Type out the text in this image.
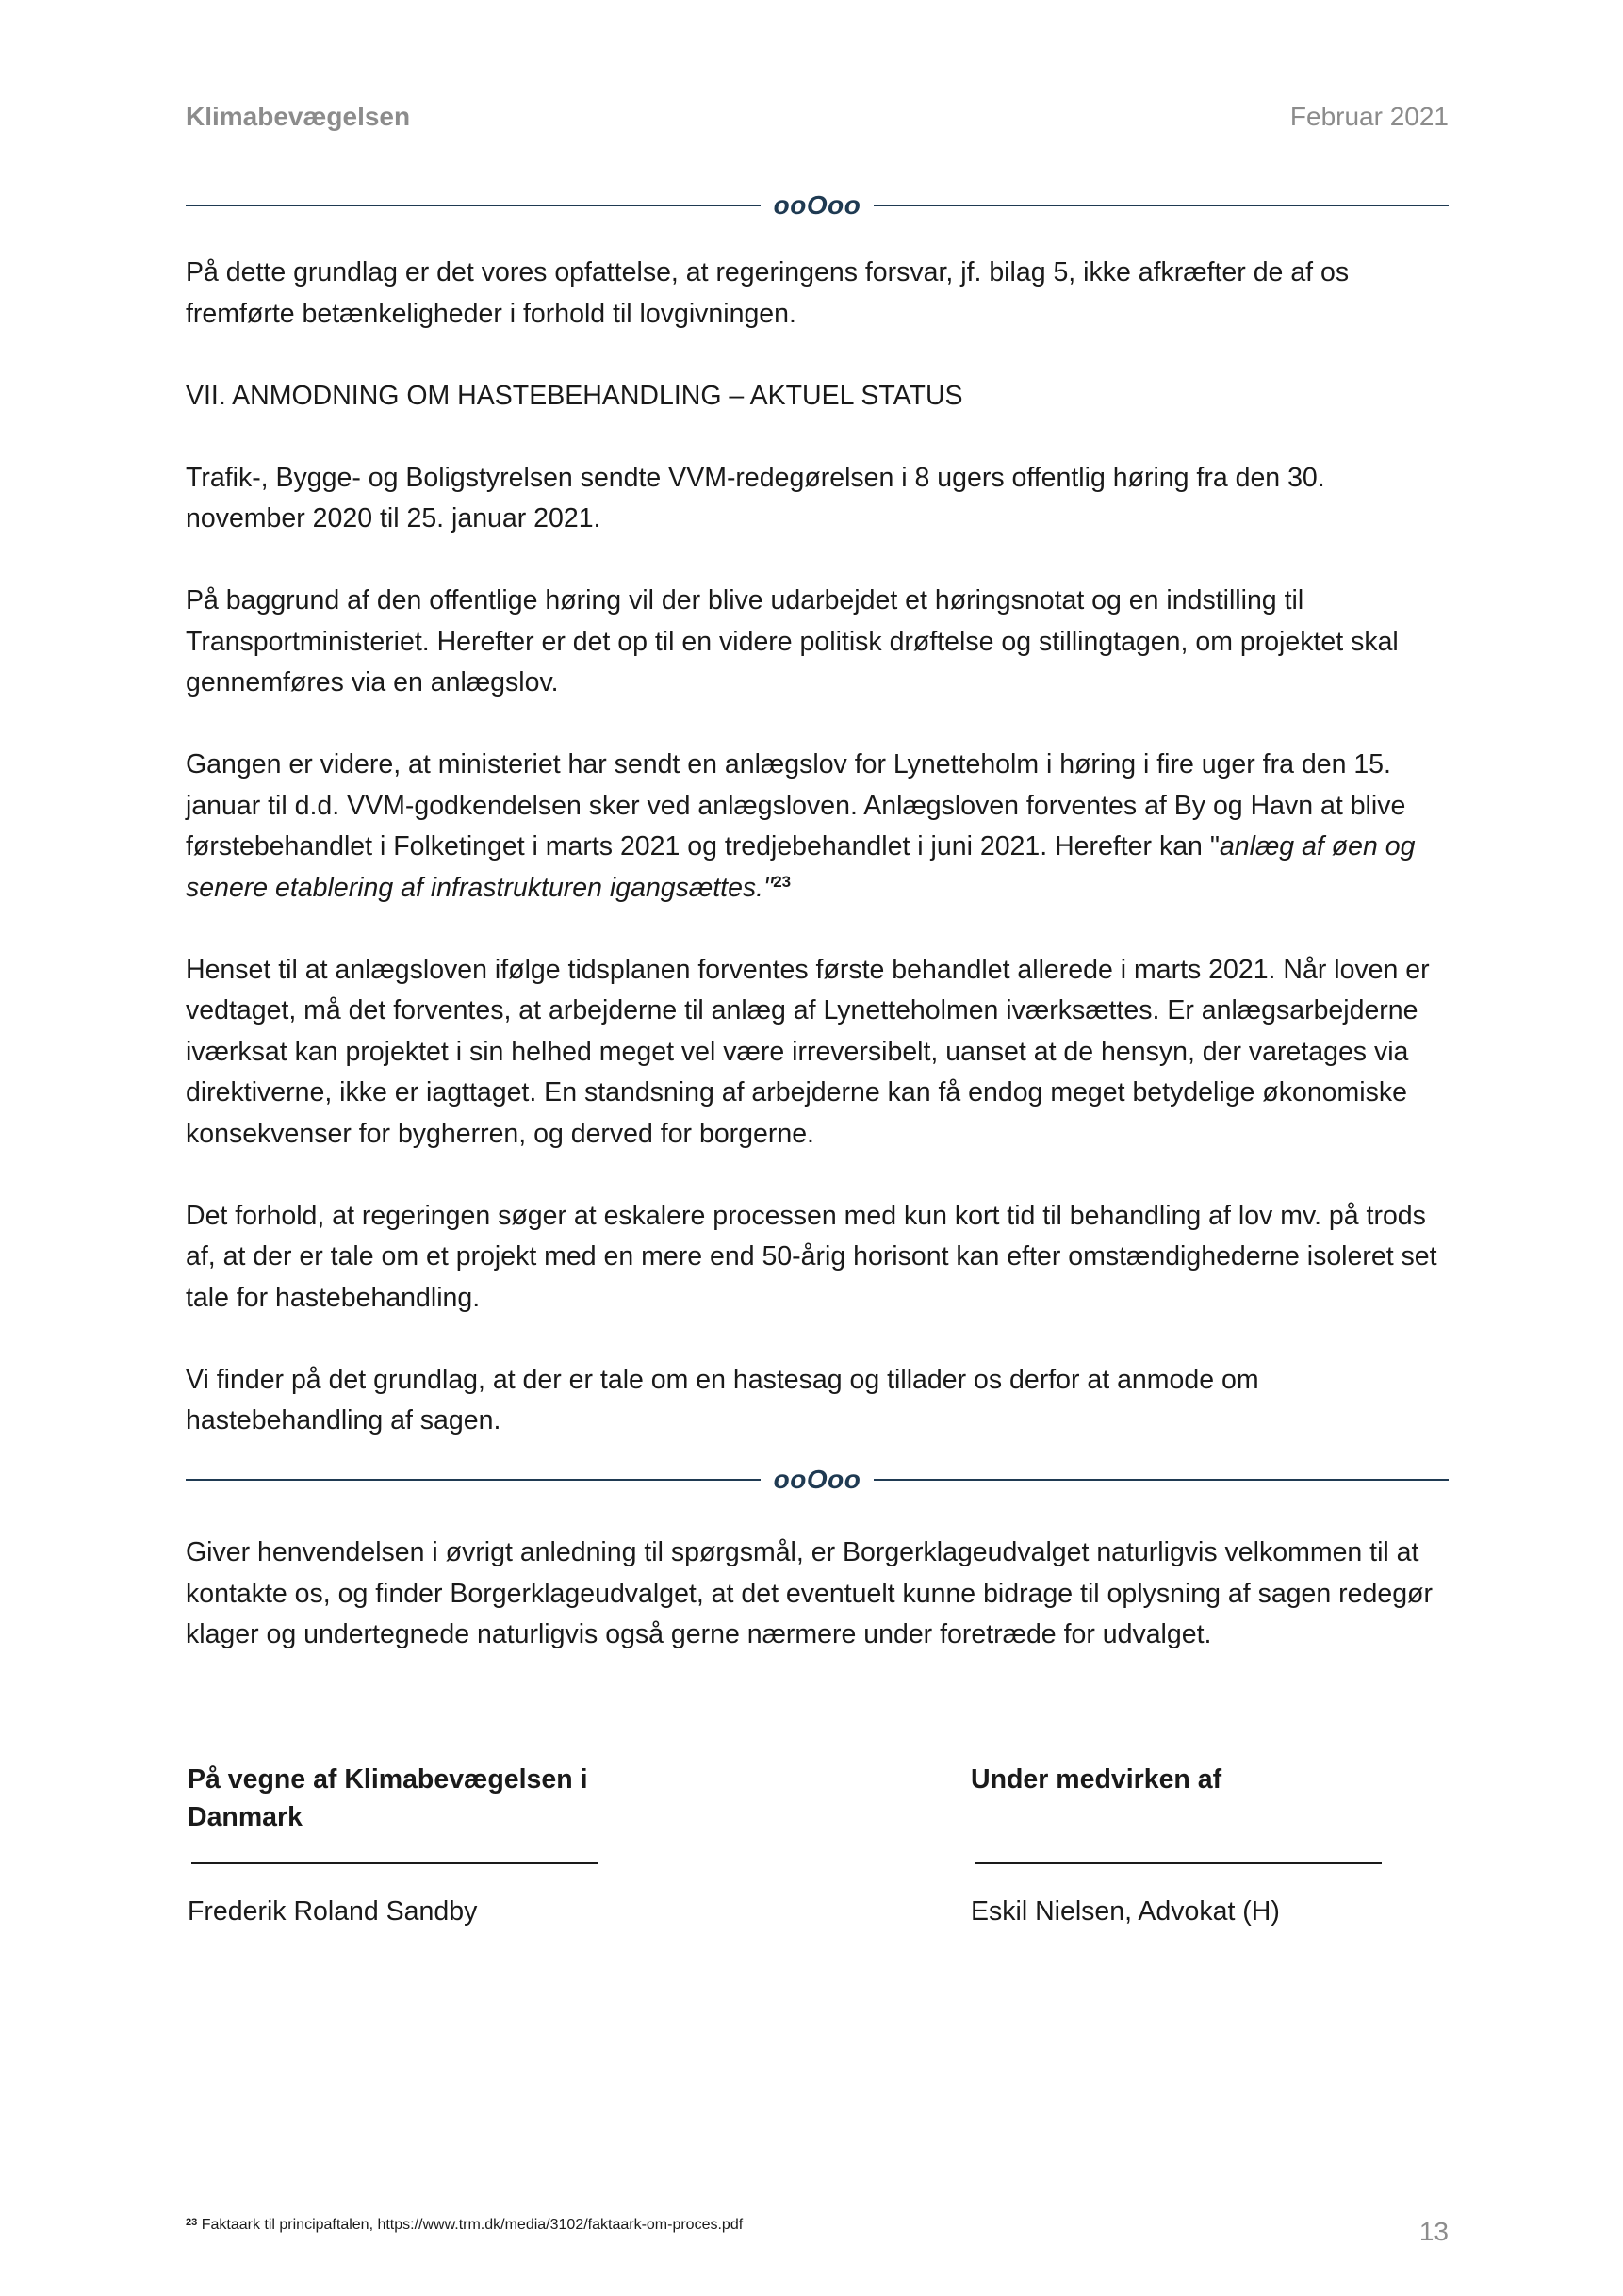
Klimabevægelsen	Februar 2021
ooOoo

På dette grundlag er det vores opfattelse, at regeringens forsvar, jf. bilag 5, ikke afkræfter de af os fremførte betænkeligheder i forhold til lovgivningen.

VII. ANMODNING OM HASTEBEHANDLING – AKTUEL STATUS

Trafik-, Bygge- og Boligstyrelsen sendte VVM-redegørelsen i 8 ugers offentlig høring fra den 30. november 2020 til 25. januar 2021.

På baggrund af den offentlige høring vil der blive udarbejdet et høringsnotat og en indstilling til Transportministeriet. Herefter er det op til en videre politisk drøftelse og stillingtagen, om projektet skal gennemføres via en anlægslov.

Gangen er videre, at ministeriet har sendt en anlægslov for Lynetteholm i høring i fire uger fra den 15. januar til d.d. VVM-godkendelsen sker ved anlægsloven. Anlægsloven forventes af By og Havn at blive førstebehandlet i Folketinget i marts 2021 og tredjebehandlet i juni 2021. Herefter kan "anlæg af øen og senere etablering af infrastrukturen igangsættes."$^{23}$

Henset til at anlægsloven ifølge tidsplanen forventes første behandlet allerede i marts 2021. Når loven er vedtaget, må det forventes, at arbejderne til anlæg af Lynetteholmen iværksættes. Er anlægsarbejderne iværksat kan projektet i sin helhed meget vel være irreversibelt, uanset at de hensyn, der varetages via direktiverne, ikke er iagttaget. En standsning af arbejderne kan få endog meget betydelige økonomiske konsekvenser for bygherren, og derved for borgerne.

Det forhold, at regeringen søger at eskalere processen med kun kort tid til behandling af lov mv. på trods af, at der er tale om et projekt med en mere end 50-årig horisont kan efter omstændighederne isoleret set tale for hastebehandling.

Vi finder på det grundlag, at der er tale om en hastesag og tillader os derfor at anmode om hastebehandling af sagen.

ooOoo

Giver henvendelsen i øvrigt anledning til spørgsmål, er Borgerklageudvalget naturligvis velkommen til at kontakte os, og finder Borgerklageudvalget, at det eventuelt kunne bidrage til oplysning af sagen redegør klager og undertegnede naturligvis også gerne nærmere under foretræde for udvalget.

På vegne af Klimabevægelsen i Danmark
Frederik Roland Sandby
Under medvirken af
Eskil Nielsen, Advokat (H)
$^{23}$ Faktaark til principaftalen, https://www.trm.dk/media/3102/faktaark-om-proces.pdf	13
